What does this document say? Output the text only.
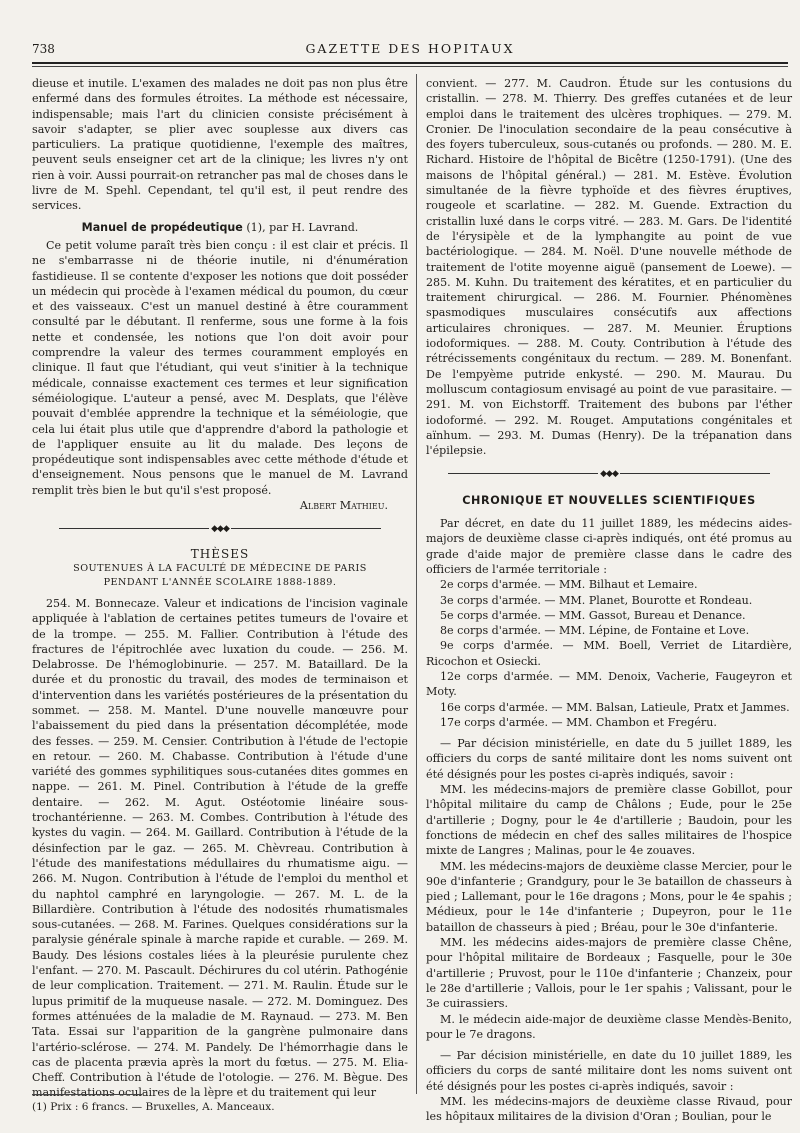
738	GAZETTE DES HOPITAUX

dieuse et inutile. L'examen des malades ne doit pas non plus être enfermé dans des formules étroites. La méthode est nécessaire, indispensable; mais l'art du clinicien consiste précisément à savoir s'adapter, se plier avec souplesse aux divers cas particuliers. La pratique quotidienne, l'exemple des maîtres, peuvent seuls enseigner cet art de la clinique; les livres n'y ont rien à voir. Aussi pourrait-on retrancher pas mal de choses dans le livre de M. Spehl. Cependant, tel qu'il est, il peut rendre des services.

Manuel de propédeutique (1), par H. Lavrand.

Ce petit volume paraît très bien conçu : il est clair et précis. Il ne s'embarrasse ni de théorie inutile, ni d'énumération fastidieuse. Il se contente d'exposer les notions que doit posséder un médecin qui procède à l'examen médical du poumon, du cœur et des vaisseaux. C'est un manuel destiné à être couramment consulté par le débutant. Il renferme, sous une forme à la fois nette et condensée, les notions que l'on doit avoir pour comprendre la valeur des termes couramment employés en clinique. Il faut que l'étudiant, qui veut s'initier à la technique médicale, connaisse exactement ces termes et leur signification séméiologique. L'auteur a pensé, avec M. Desplats, que l'élève pouvait d'emblée apprendre la technique et la séméiologie, que cela lui était plus utile que d'apprendre d'abord la pathologie et de l'appliquer ensuite au lit du malade. Des leçons de propédeutique sont indispensables avec cette méthode d'étude et d'enseignement. Nous pensons que le manuel de M. Lavrand remplit très bien le but qu'il s'est proposé.

Albert Mathieu.

◆◆◆
THÈSES
SOUTENUES À LA FACULTÉ DE MÉDECINE DE PARIS
PENDANT L'ANNÉE SCOLAIRE 1888-1889.

254. M. Bonnecaze. Valeur et indications de l'incision vaginale appliquée à l'ablation de certaines petites tumeurs de l'ovaire et de la trompe. — 255. M. Fallier. Contribution à l'étude des fractures de l'épitrochlée avec luxation du coude. — 256. M. Delabrosse. De l'hémoglobinurie. — 257. M. Bataillard. De la durée et du pronostic du travail, des modes de terminaison et d'intervention dans les variétés postérieures de la présentation du sommet. — 258. M. Mantel. D'une nouvelle manœuvre pour l'abaissement du pied dans la présentation décomplétée, mode des fesses. — 259. M. Censier. Contribution à l'étude de l'ectopie en retour. — 260. M. Chabasse. Contribution à l'étude d'une variété des gommes syphilitiques sous-cutanées dites gommes en nappe. — 261. M. Pinel. Contribution à l'étude de la greffe dentaire. — 262. M. Agut. Ostéotomie linéaire sous-trochantérienne. — 263. M. Combes. Contribution à l'étude des kystes du vagin. — 264. M. Gaillard. Contribution à l'étude de la désinfection par le gaz. — 265. M. Chèvreau. Contribution à l'étude des manifestations médullaires du rhumatisme aigu. — 266. M. Nugon. Contribution à l'étude de l'emploi du menthol et du naphtol camphré en laryngologie. — 267. M. L. de la Billardière. Contribution à l'étude des nodosités rhumatismales sous-cutanées. — 268. M. Farines. Quelques considérations sur la paralysie générale spinale à marche rapide et curable. — 269. M. Baudy. Des lésions costales liées à la pleurésie purulente chez l'enfant. — 270. M. Pascault. Déchirures du col utérin. Pathogénie de leur complication. Traitement. — 271. M. Raulin. Étude sur le lupus primitif de la muqueuse nasale. — 272. M. Dominguez. Des formes atténuées de la maladie de M. Raynaud. — 273. M. Ben Tata. Essai sur l'apparition de la gangrène pulmonaire dans l'artério-sclérose. — 274. M. Pandely. De l'hémorrhagie dans le cas de placenta prævia après la mort du fœtus. — 275. M. Elia-Cheff. Contribution à l'étude de l'otologie. — 276. M. Bègue. Des manifestations oculaires de la lèpre et du traitement qui leur

convient. — 277. M. Caudron. Étude sur les contusions du cristallin. — 278. M. Thierry. Des greffes cutanées et de leur emploi dans le traitement des ulcères trophiques. — 279. M. Cronier. De l'inoculation secondaire de la peau consécutive à des foyers tuberculeux, sous-cutanés ou profonds. — 280. M. E. Richard. Histoire de l'hôpital de Bicêtre (1250-1791). (Une des maisons de l'hôpital général.) — 281. M. Estève. Évolution simultanée de la fièvre typhoïde et des fièvres éruptives, rougeole et scarlatine. — 282. M. Guende. Extraction du cristallin luxé dans le corps vitré. — 283. M. Gars. De l'identité de l'érysipèle et de la lymphangite au point de vue bactériologique. — 284. M. Noël. D'une nouvelle méthode de traitement de l'otite moyenne aiguë (pansement de Loewe). — 285. M. Kuhn. Du traitement des kératites, et en particulier du traitement chirurgical. — 286. M. Fournier. Phénomènes spasmodiques musculaires consécutifs aux affections articulaires chroniques. — 287. M. Meunier. Éruptions iodoformiques. — 288. M. Couty. Contribution à l'étude des rétrécissements congénitaux du rectum. — 289. M. Bonenfant. De l'empyème putride enkysté. — 290. M. Maurau. Du molluscum contagiosum envisagé au point de vue parasitaire. — 291. M. von Eichstorff. Traitement des bubons par l'éther iodoformé. — 292. M. Rouget. Amputations congénitales et aïnhum. — 293. M. Dumas (Henry). De la trépanation dans l'épilepsie.

◆◆◆
CHRONIQUE ET NOUVELLES SCIENTIFIQUES

Par décret, en date du 11 juillet 1889, les médecins aides-majors de deuxième classe ci-après indiqués, ont été promus au grade d'aide major de première classe dans le cadre des officiers de l'armée territoriale :

2e corps d'armée. — MM. Bilhaut et Lemaire.

3e corps d'armée. — MM. Planet, Bourotte et Rondeau.

5e corps d'armée. — MM. Gassot, Bureau et Denance.

8e corps d'armée. — MM. Lépine, de Fontaine et Love.

9e corps d'armée. — MM. Boell, Verriet de Litardière, Ricochon et Osiecki.

12e corps d'armée. — MM. Denoix, Vacherie, Faugeyron et Moty.

16e corps d'armée. — MM. Balsan, Latieule, Pratx et Jammes.

17e corps d'armée. — MM. Chambon et Fregéru.

— Par décision ministérielle, en date du 5 juillet 1889, les officiers du corps de santé militaire dont les noms suivent ont été désignés pour les postes ci-après indiqués, savoir :

MM. les médecins-majors de première classe Gobillot, pour l'hôpital militaire du camp de Châlons ; Eude, pour le 25e d'artillerie ; Dogny, pour le 4e d'artillerie ; Baudoin, pour les fonctions de médecin en chef des salles militaires de l'hospice mixte de Langres ; Malinas, pour le 4e zouaves.

MM. les médecins-majors de deuxième classe Mercier, pour le 90e d'infanterie ; Grandgury, pour le 3e bataillon de chasseurs à pied ; Lallemant, pour le 16e dragons ; Mons, pour le 4e spahis ; Médieux, pour le 14e d'infanterie ; Dupeyron, pour le 11e bataillon de chasseurs à pied ; Bréau, pour le 30e d'infanterie.

MM. les médecins aides-majors de première classe Chêne, pour l'hôpital militaire de Bordeaux ; Fasquelle, pour le 30e d'artillerie ; Pruvost, pour le 110e d'infanterie ; Chanzeix, pour le 28e d'artillerie ; Vallois, pour le 1er spahis ; Valissant, pour le 3e cuirassiers.

M. le médecin aide-major de deuxième classe Mendès-Benito, pour le 7e dragons.

— Par décision ministérielle, en date du 10 juillet 1889, les officiers du corps de santé militaire dont les noms suivent ont été désignés pour les postes ci-après indiqués, savoir :

MM. les médecins-majors de deuxième classe Rivaud, pour les hôpitaux militaires de la division d'Oran ; Boulian, pour le

(1) Prix : 6 francs. — Bruxelles, A. Manceaux.
